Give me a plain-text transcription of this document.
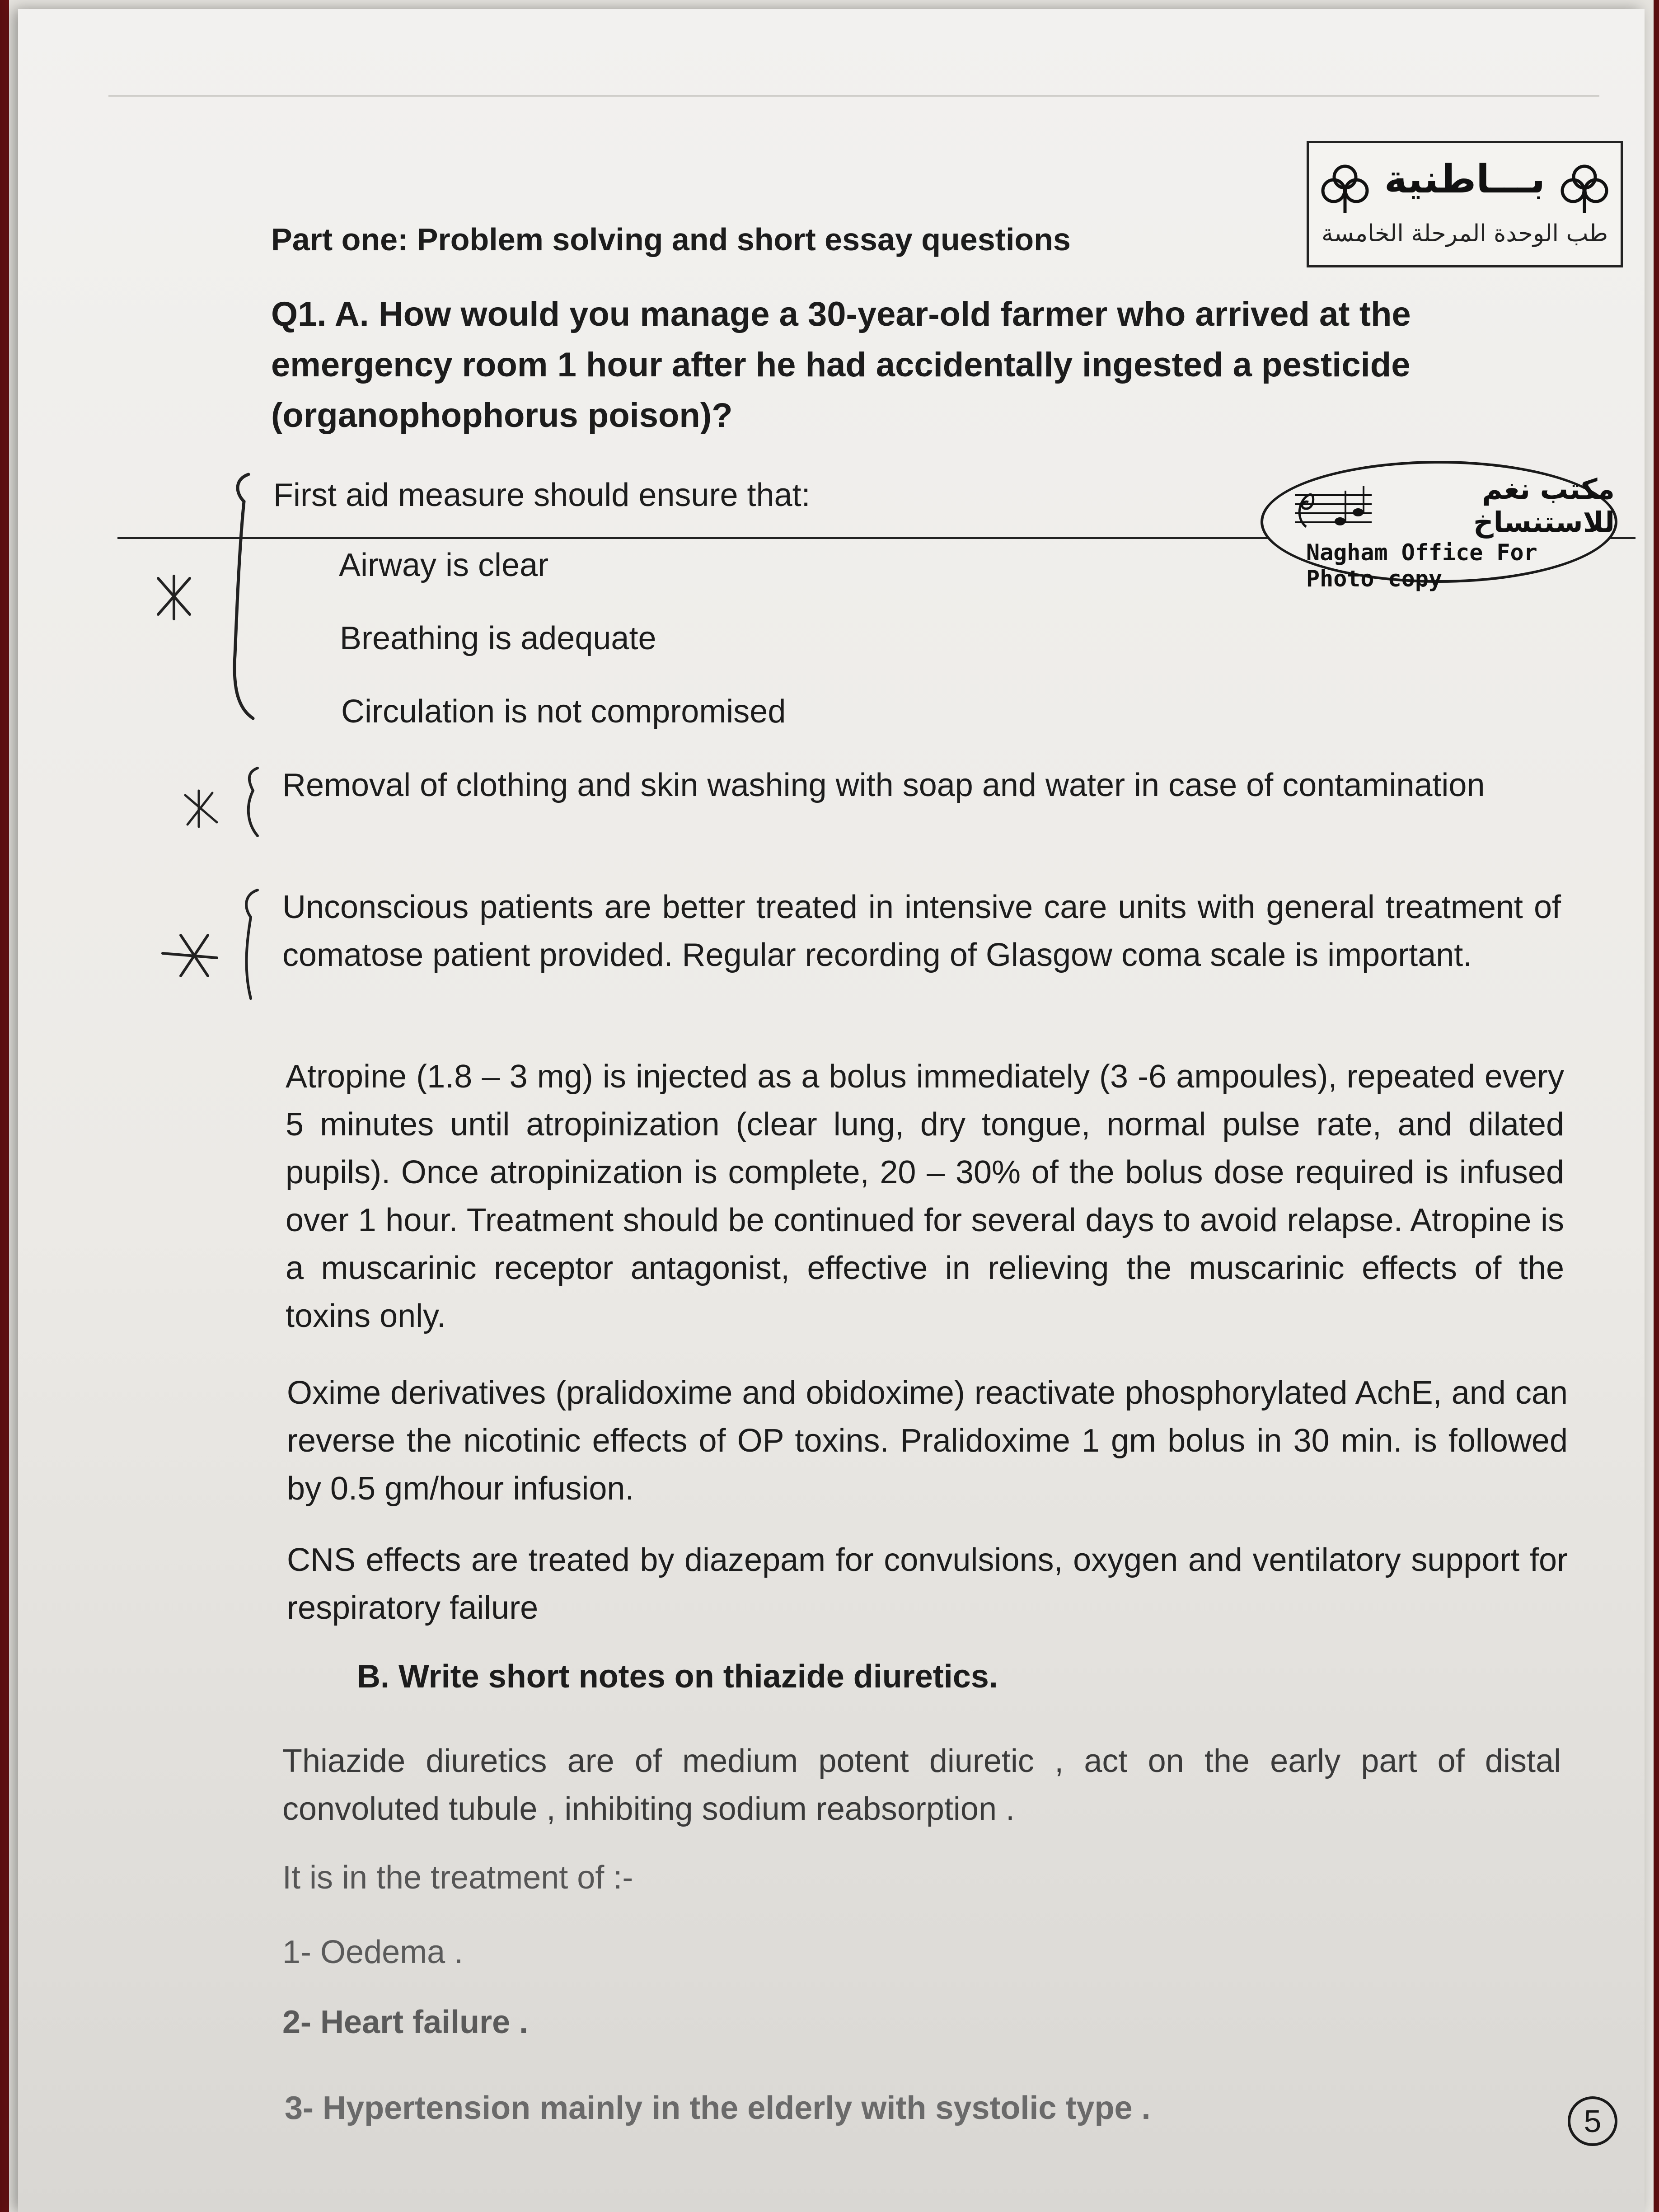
بـــاطنية
طب الوحدة المرحلة الخامسة
Part one: Problem solving and short essay questions
Q1. A. How would you manage a 30-year-old farmer who arrived at the emergency room 1 hour after he had accidentally ingested a pesticide (organophophorus poison)?
First aid measure should ensure that:	مكتب نغم للاستنساخ
Nagham Office For Photo copy
Airway is clear
Breathing is adequate
Circulation is not compromised
Removal of clothing and skin washing with soap and water in case of contamination
Unconscious patients are better treated in intensive care units with general treatment of comatose patient provided. Regular recording of Glasgow coma scale is important.
Atropine (1.8 – 3 mg) is injected as a bolus immediately (3 -6 ampoules), repeated every 5 minutes until atropinization (clear lung, dry tongue, normal pulse rate, and dilated pupils). Once atropinization is complete, 20 – 30% of the bolus dose required is infused over 1 hour. Treatment should be continued for several days to avoid relapse. Atropine is a muscarinic receptor antagonist, effective in relieving the muscarinic effects of the toxins only.
Oxime derivatives (pralidoxime and obidoxime) reactivate phosphorylated AchE, and can reverse the nicotinic effects of OP toxins. Pralidoxime 1 gm bolus in 30 min. is followed by 0.5 gm/hour infusion.
CNS effects are treated by diazepam for convulsions, oxygen and ventilatory support for respiratory failure
B. Write short notes on thiazide diuretics.
Thiazide diuretics are of medium potent diuretic , act on the early part of distal convoluted tubule , inhibiting sodium reabsorption .
It is in the treatment of :-
1- Oedema .
2- Heart failure .
3- Hypertension mainly in the elderly with systolic type .	5
